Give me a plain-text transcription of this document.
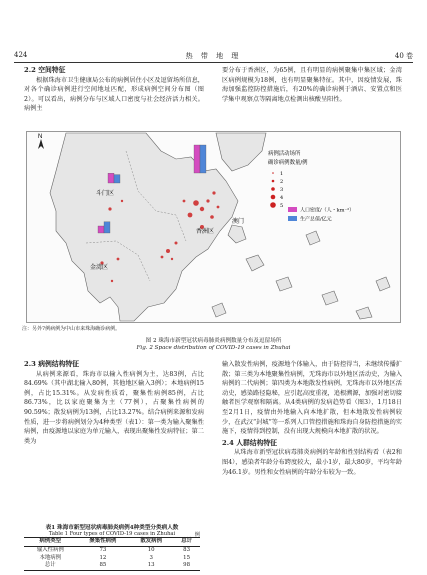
424	热 带 地 理	40 卷

2.2 空间特征

根据珠海市卫生健康局公布的病例居住小区及逗留场所信息，对各个确诊病例进行空间地址匹配，形成病例空间分布图（图2）。可以看出，病例分布与区域人口密度与社会经济活力相关。病例主

要分布于香洲区，为65例，且有明显的病例聚集中集区域；金湾区病例规模为18例，也有明显聚集特征。其中，因疫情发展，珠海加强监控防控措施后，有20%的确诊病例于酒店、安置点和医学集中观察点等隔离地点检测出核酸呈阳性。

N
香洲区
斗门区
金湾区
澳门
病例活动场所
确诊病例数量/例
1
2
3
4
5
人口密度/（人・km⁻²）
生产总值/亿元
注：另外7例病例为中山市来珠海确诊病例。
图 2 珠海市新型冠状病毒肺炎病例数量分布及逗留场所
Fig. 2 Space distribution of COVID-19 cases in Zhuhai

2.3 病例结构特征

从病例来源看，珠海市以输入性病例为主，达83例，占比84.69%（其中湖北输入80例，其他地区输入3例）；本地病例15例，占比15.31%。从发病性质看，聚集性病例85例，占比86.73%，比以家庭聚集为主（77例），占聚集性病例的90.59%；散发病例为13例，占比13.27%。结合病例来源和发病性质，进一步将病例划分为4种类型（表1）：第一类为输入聚集性病例，由疫源地以家庭为单元输入，表现出聚集性发病特征；第二类为

输入散发性病例，疫源地个体输入，由于防控得当，未继续传播扩散；第三类为本地聚集性病例，无珠海市以外地区活动史，为输入病例的二代病例；第四类为本地散发性病例，无珠海市以外地区活动史，感染路径隐秘，应引起高度重视，追根溯源，加强对密切接触者医学观察和隔离。从4类病例的发病趋势看（图3），1月18日至2月1日，疫情由外地输入向本地扩散，但本地散发性病例较少，在武汉“封城”等一系列人口管控措施和珠海自身防控措施的实施下，疫情得到控制，没有出现大规模向本地扩散的状况。

2.4 人群结构特征

从珠海市新型冠状病毒肺炎病例的年龄和性别结构看（表2和图4），感染者年龄分布跨度较大，最小1岁，最大80岁，平均年龄为46.1岁。男性和女性病例的年龄分布较为一致。

表1 珠海市新型冠状病毒肺炎病例4种类型分类病人数
Table 1 Four types of COVID-19 cases in Zhuhai	例
病例类型	聚集性病例	散发病例	总计
输入性病例	73	10	83
本地病例	12	3	15
总计	85	13	98
